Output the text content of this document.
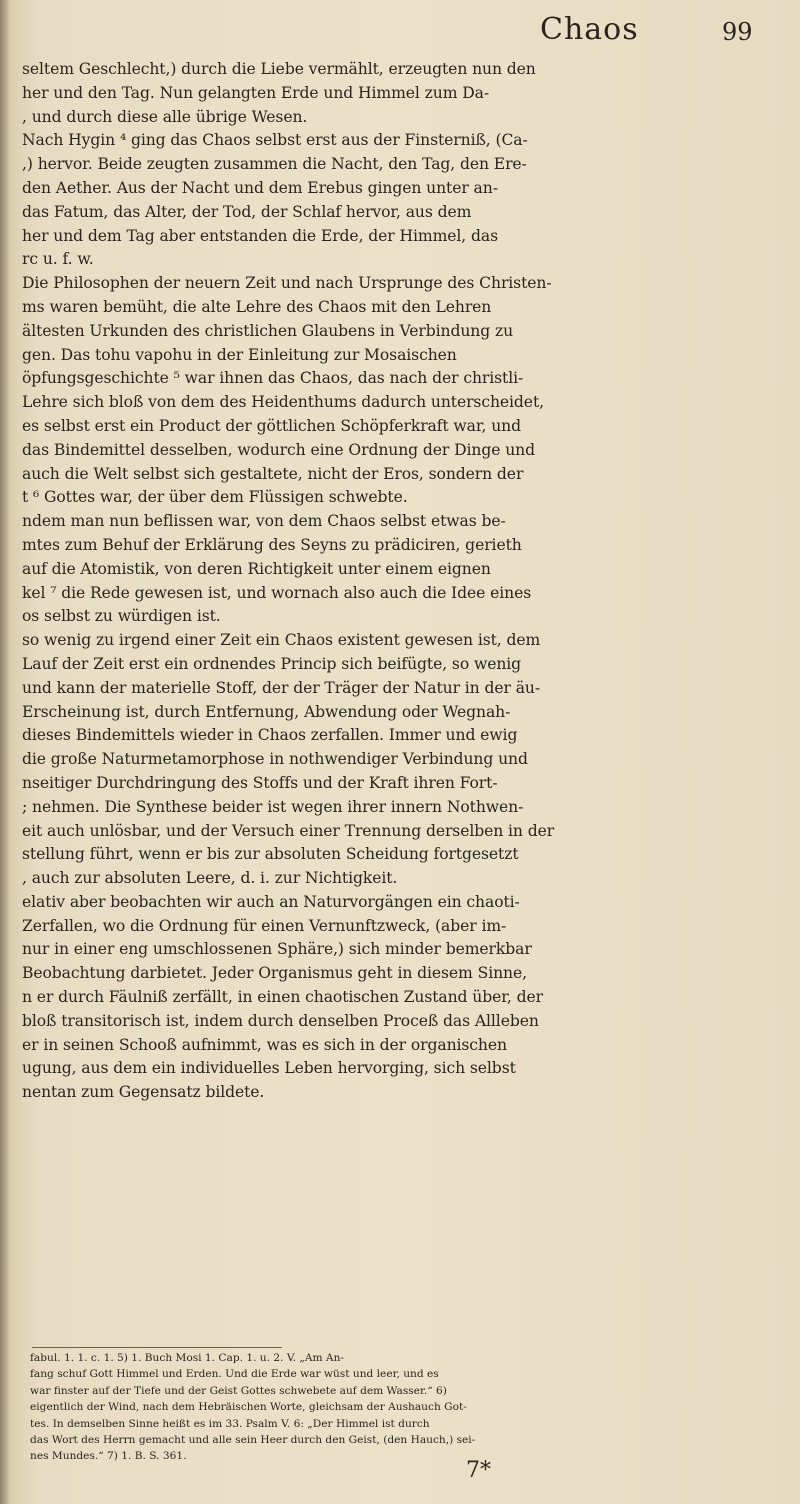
Chaos	99
seltem Geschlecht,) durch die Liebe vermählt, erzeugten nun den
her und den Tag. Nun gelangten Erde und Himmel zum Da-
, und durch diese alle übrige Wesen.
Nach Hygin ⁴ ging das Chaos selbst erst aus der Finsterniß, (Ca-
,) hervor. Beide zeugten zusammen die Nacht, den Tag, den Ere-
den Aether. Aus der Nacht und dem Erebus gingen unter an-
das Fatum, das Alter, der Tod, der Schlaf hervor, aus dem
her und dem Tag aber entstanden die Erde, der Himmel, das
rc u. f. w.
Die Philosophen der neuern Zeit und nach Ursprunge des Christen-
ms waren bemüht, die alte Lehre des Chaos mit den Lehren
ältesten Urkunden des christlichen Glaubens in Verbindung zu
gen. Das tohu vapohu in der Einleitung zur Mosaischen
öpfungsgeschichte ⁵ war ihnen das Chaos, das nach der christli-
Lehre sich bloß von dem des Heidenthums dadurch unterscheidet,
es selbst erst ein Product der göttlichen Schöpferkraft war, und
das Bindemittel desselben, wodurch eine Ordnung der Dinge und
auch die Welt selbst sich gestaltete, nicht der Eros, sondern der
t ⁶ Gottes war, der über dem Flüssigen schwebte.
ndem man nun beflissen war, von dem Chaos selbst etwas be-
mtes zum Behuf der Erklärung des Seyns zu prädiciren, gerieth
auf die Atomistik, von deren Richtigkeit unter einem eignen
kel ⁷ die Rede gewesen ist, und wornach also auch die Idee eines
os selbst zu würdigen ist.
so wenig zu irgend einer Zeit ein Chaos existent gewesen ist, dem
Lauf der Zeit erst ein ordnendes Princip sich beifügte, so wenig
und kann der materielle Stoff, der der Träger der Natur in der äu-
Erscheinung ist, durch Entfernung, Abwendung oder Wegnah-
dieses Bindemittels wieder in Chaos zerfallen. Immer und ewig
die große Naturmetamorphose in nothwendiger Verbindung und
nseitiger Durchdringung des Stoffs und der Kraft ihren Fort-
; nehmen. Die Synthese beider ist wegen ihrer innern Nothwen-
eit auch unlösbar, und der Versuch einer Trennung derselben in der
stellung führt, wenn er bis zur absoluten Scheidung fortgesetzt
, auch zur absoluten Leere, d. i. zur Nichtigkeit.
elativ aber beobachten wir auch an Naturvorgängen ein chaoti-
Zerfallen, wo die Ordnung für einen Vernunftzweck, (aber im-
nur in einer eng umschlossenen Sphäre,) sich minder bemerkbar
Beobachtung darbietet. Jeder Organismus geht in diesem Sinne,
n er durch Fäulniß zerfällt, in einen chaotischen Zustand über, der
bloß transitorisch ist, indem durch denselben Proceß das Allleben
er in seinen Schooß aufnimmt, was es sich in der organischen
ugung, aus dem ein individuelles Leben hervorging, sich selbst
nentan zum Gegensatz bildete.
fabul. 1. 1. c. 1. 5) 1. Buch Mosi 1. Cap. 1. u. 2. V. „Am An-
fang schuf Gott Himmel und Erden. Und die Erde war wüst und leer, und es
war finster auf der Tiefe und der Geist Gottes schwebete auf dem Wasser.“ 6)
eigentlich der Wind, nach dem Hebräischen Worte, gleichsam der Aushauch Got-
tes. In demselben Sinne heißt es im 33. Psalm V. 6: „Der Himmel ist durch
das Wort des Herrn gemacht und alle sein Heer durch den Geist, (den Hauch,) sei-
nes Mundes.“ 7) 1. B. S. 361.
7*
